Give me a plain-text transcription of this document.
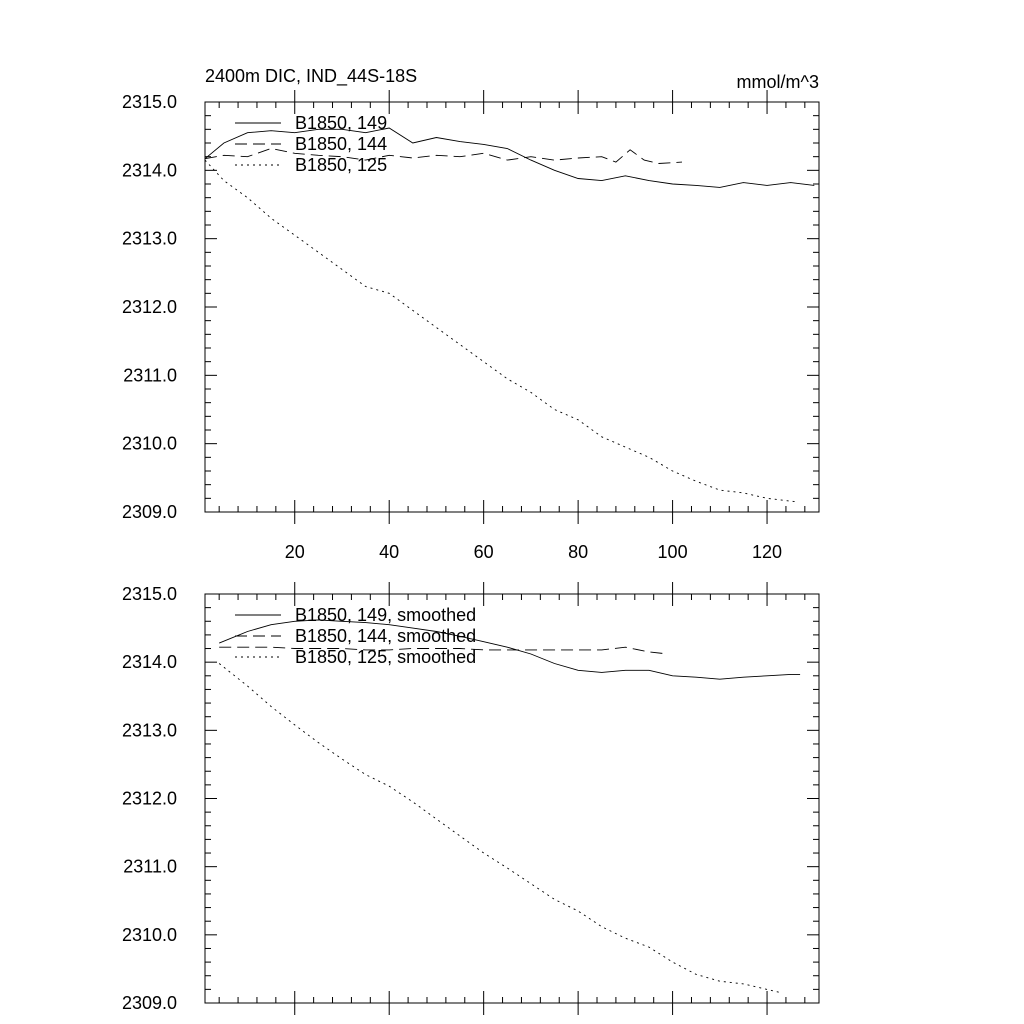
2309.0
2310.0
2311.0
2312.0
2313.0
2314.0
2315.0
20	40	60	80	100	120
2400m DIC, IND_44S-18S	mmol/m^3
B1850, 149
B1850, 144
B1850, 125
2309.0
2310.0
2311.0
2312.0
2313.0
2314.0
2315.0
B1850, 149, smoothed
B1850, 144, smoothed
B1850, 125, smoothed
